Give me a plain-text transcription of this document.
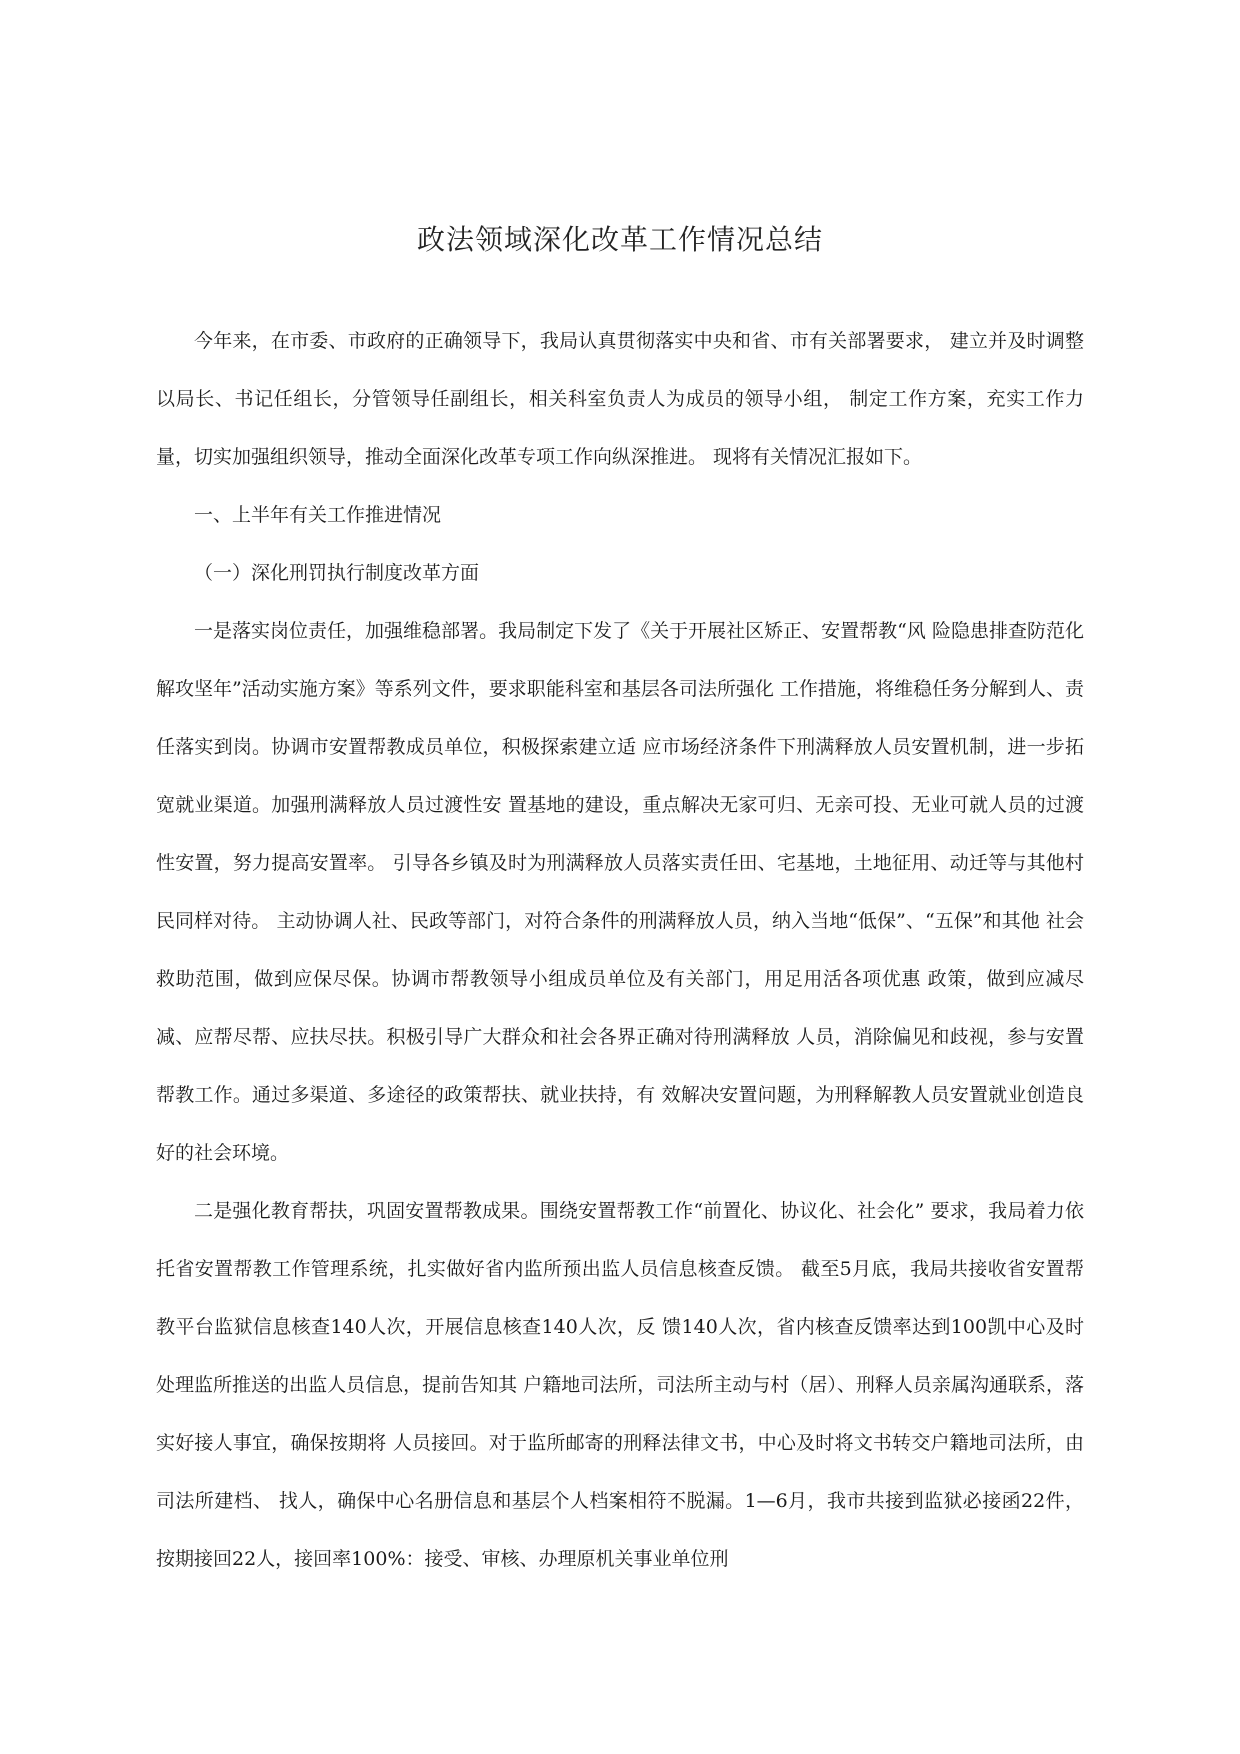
政法领域深化改革工作情况总结

今年来，在市委、市政府的正确领导下，我局认真贯彻落实中央和省、市有关部署要求， 建立并及时调整以局长、书记任组长，分管领导任副组长，相关科室负责人为成员的领导小组， 制定工作方案，充实工作力量，切实加强组织领导，推动全面深化改革专项工作向纵深推进。 现将有关情况汇报如下。

一、上半年有关工作推进情况

（一）深化刑罚执行制度改革方面

一是落实岗位责任，加强维稳部署。我局制定下发了《关于开展社区矫正、安置帮教“风 险隐患排查防范化解攻坚年”活动实施方案》等系列文件，要求职能科室和基层各司法所强化 工作措施，将维稳任务分解到人、责任落实到岗。协调市安置帮教成员单位，积极探索建立适 应市场经济条件下刑满释放人员安置机制，进一步拓宽就业渠道。加强刑满释放人员过渡性安 置基地的建设，重点解决无家可归、无亲可投、无业可就人员的过渡性安置，努力提高安置率。 引导各乡镇及时为刑满释放人员落实责任田、宅基地，土地征用、动迁等与其他村民同样对待。 主动协调人社、民政等部门，对符合条件的刑满释放人员，纳入当地“低保”、“五保”和其他 社会救助范围，做到应保尽保。协调市帮教领导小组成员单位及有关部门，用足用活各项优惠 政策，做到应减尽减、应帮尽帮、应扶尽扶。积极引导广大群众和社会各界正确对待刑满释放 人员，消除偏见和歧视，参与安置帮教工作。通过多渠道、多途径的政策帮扶、就业扶持，有 效解决安置问题，为刑释解教人员安置就业创造良好的社会环境。

二是强化教育帮扶，巩固安置帮教成果。围绕安置帮教工作“前置化、协议化、社会化” 要求，我局着力依托省安置帮教工作管理系统，扎实做好省内监所预出监人员信息核查反馈。 截至5月底，我局共接收省安置帮教平台监狱信息核查140人次，开展信息核查140人次，反 馈140人次，省内核查反馈率达到100凯中心及时处理监所推送的出监人员信息，提前告知其 户籍地司法所，司法所主动与村（居）、刑释人员亲属沟通联系，落实好接人事宜，确保按期将 人员接回。对于监所邮寄的刑释法律文书，中心及时将文书转交户籍地司法所，由司法所建档、 找人，确保中心名册信息和基层个人档案相符不脱漏。1—6月，我市共接到监狱必接函22件， 按期接回22人，接回率100%：接受、审核、办理原机关事业单位刑
